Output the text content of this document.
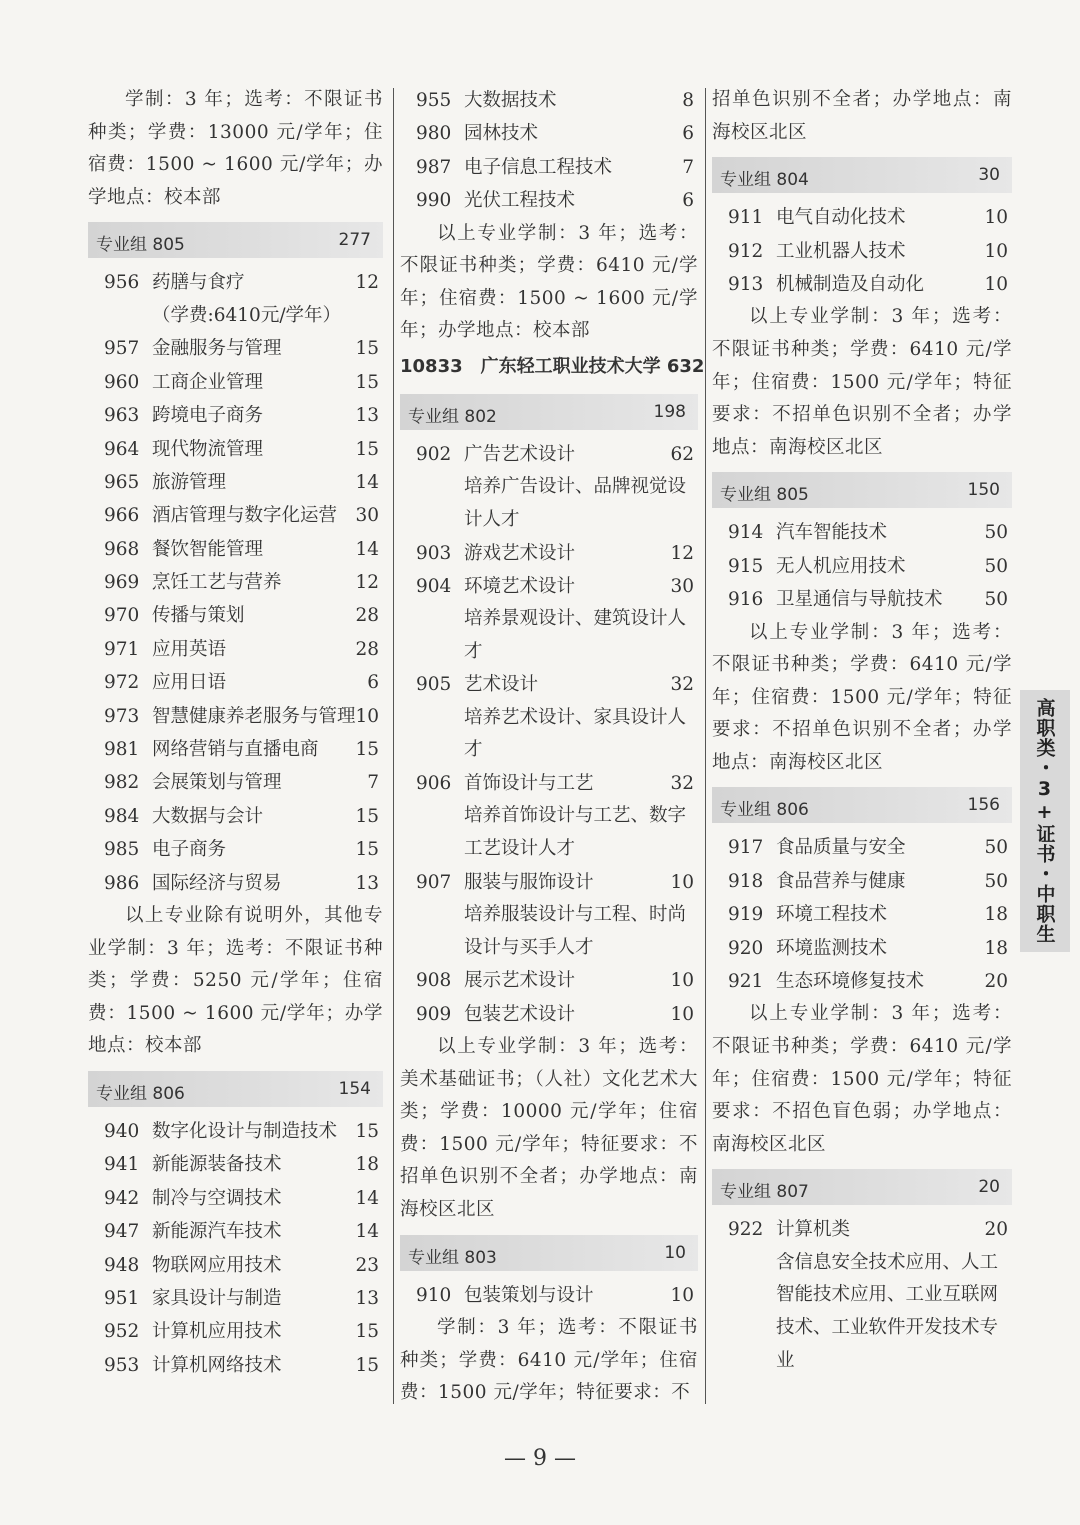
学制：3 年；选考：不限证书种类；学费：13000 元/学年；住宿费：1500 ~ 1600 元/学年；办学地点：校本部

专业组 805	277
956 药膳与食疗	12

（学费:6410元/学年）

957 金融服务与管理	15
960 工商企业管理	15
963 跨境电子商务	13
964 现代物流管理	15
965 旅游管理	14
966 酒店管理与数字化运营 30
968 餐饮智能管理	14
969 烹饪工艺与营养	12
970 传播与策划	28
971 应用英语	28
972 应用日语	6
973 智慧健康养老服务与管理 10
981 网络营销与直播电商 15
982 会展策划与管理	7
984 大数据与会计	15
985 电子商务	15
986 国际经济与贸易	13

以上专业除有说明外，其他专业学制：3 年；选考：不限证书种类；学费：5250 元/学年；住宿费：1500 ~ 1600 元/学年；办学地点：校本部

专业组 806	154
940 数字化设计与制造技术 15
941 新能源装备技术	18
942 制冷与空调技术	14
947 新能源汽车技术	14
948 物联网应用技术	23
951 家具设计与制造	13
952 计算机应用技术	15
953 计算机网络技术	15
955 大数据技术	8
980 园林技术	6
987 电子信息工程技术	7
990 光伏工程技术	6

以上专业学制：3 年；选考：不限证书种类；学费：6410 元/学年；住宿费：1500 ~ 1600 元/学年；办学地点：校本部

10833　广东轻工职业技术大学 632
专业组 802	198
902 广告艺术设计	62

培养广告设计、品牌视觉设计人才

903 游戏艺术设计	12
904 环境艺术设计	30

培养景观设计、建筑设计人才

905 艺术设计	32

培养艺术设计、家具设计人才

906 首饰设计与工艺	32

培养首饰设计与工艺、数字工艺设计人才

907 服装与服饰设计	10

培养服装设计与工程、时尚设计与买手人才

908 展示艺术设计	10
909 包装艺术设计	10

以上专业学制：3 年；选考：美术基础证书；（人社）文化艺术大类；学费：10000 元/学年；住宿费：1500 元/学年；特征要求：不招单色识别不全者；办学地点：南海校区北区

专业组 803	10
910 包装策划与设计	10

学制：3 年；选考：不限证书种类；学费：6410 元/学年；住宿费：1500 元/学年；特征要求：不

招单色识别不全者；办学地点：南海校区北区

专业组 804	30
911 电气自动化技术	10
912 工业机器人技术	10
913 机械制造及自动化	10

以上专业学制：3 年；选考：不限证书种类；学费：6410 元/学年；住宿费：1500 元/学年；特征要求：不招单色识别不全者；办学地点：南海校区北区

专业组 805	150
914 汽车智能技术	50
915 无人机应用技术	50
916 卫星通信与导航技术 50

以上专业学制：3 年；选考：不限证书种类；学费：6410 元/学年；住宿费：1500 元/学年；特征要求：不招单色识别不全者；办学地点：南海校区北区

专业组 806	156
917 食品质量与安全	50
918 食品营养与健康	50
919 环境工程技术	18
920 环境监测技术	18
921 生态环境修复技术	20

以上专业学制：3 年；选考：不限证书种类；学费：6410 元/学年；住宿费：1500 元/学年；特征要求：不招色盲色弱；办学地点：南海校区北区

专业组 807	20
922 计算机类	20

含信息安全技术应用、人工智能技术应用、工业互联网技术、工业软件开发技术专业

高职类・3+证书・中职生
— 9 —
